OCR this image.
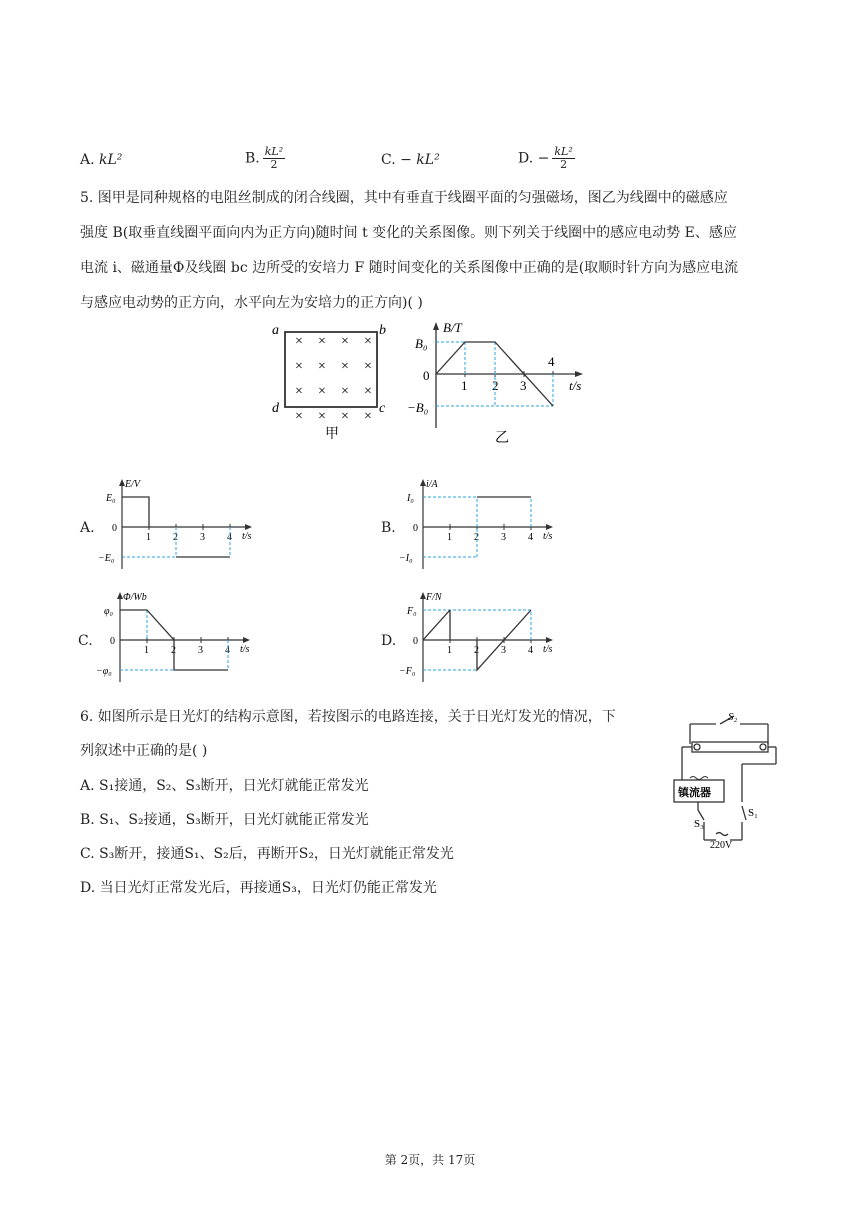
A. kL²	B. $\frac{\text{kL²}}{2}$	C. − kL²	D. − $\frac{\text{kL²}}{2}$
5. 图甲是同种规格的电阻丝制成的闭合线圈，其中有垂直于线圈平面的匀强磁场，图乙为线圈中的磁感应
强度 B(取垂直线圈平面向内为正方向)随时间 t 变化的关系图像。则下列关于线圈中的感应电动势 E、感应
电流 i、磁通量Φ及线圈 bc 边所受的安培力 F 随时间变化的关系图像中正确的是(取顺时针方向为感应电流
与感应电动势的正方向，水平向左为安培力的正方向)( )
a	b
c
d
× × × ×
× × × ×
× × × ×
× × × ×
甲
B/T
t/s
B₀
−B₀
0
1 2 3
4
乙
A.
E/V
t/s
E₀
−E₀
0
1 2 3 4
B.
i/A
t/s
I₀
−I₀
0
1 2 3 4
C.
Φ/Wb
t/s
φ₀
−φ₀
0
1 2 3 4
D.
F/N
t/s
F₀
−F₀
0
1 2 3 4
6. 如图所示是日光灯的结构示意图，若按图示的电路连接，关于日光灯发光的情况，下
列叙述中正确的是( )
A. S₁接通，S₂、S₃断开，日光灯就能正常发光
B. S₁、S₂接通，S₃断开，日光灯就能正常发光
C. S₃断开，接通S₁、S₂后，再断开S₂，日光灯就能正常发光
D. 当日光灯正常发光后，再接通S₃，日光灯仍能正常发光
S₂
镇流器
S₁
S₃
220V
第 2页，共 17页
